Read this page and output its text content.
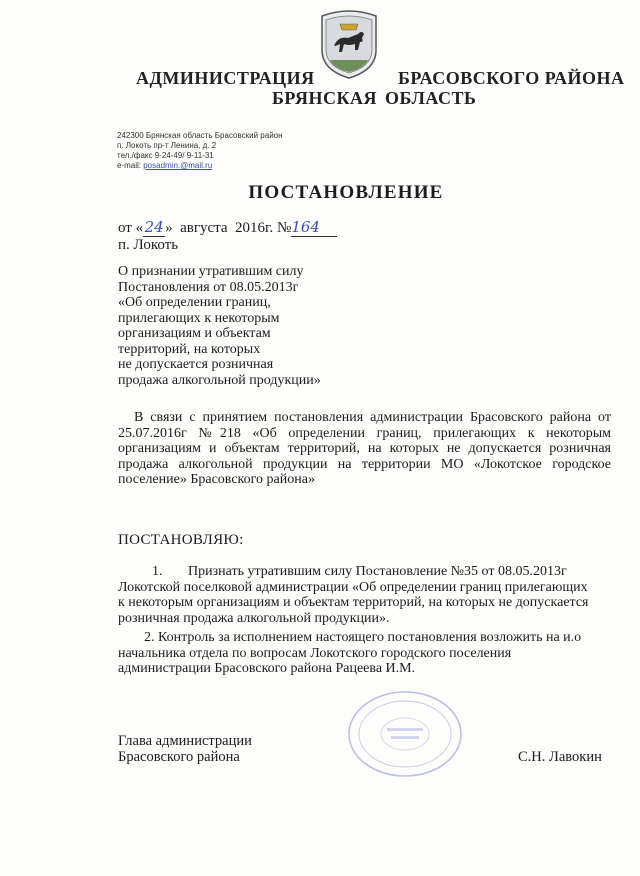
АДМИНИСТРАЦИЯ	БРАСОВСКОГО РАЙОНА
БРЯНСКАЯ ОБЛАСТЬ
242300 Брянская область Брасовский район
п. Локоть пр-т Ленина, д. 2
тел./факс 9-24-49/ 9-11-31
e-mail: posadmin.@mail.ru
ПОСТАНОВЛЕНИЕ
от «24»  августа  2016г. №164
п. Локоть
О признании утратившим силу
Постановления от 08.05.2013г
«Об определении границ,
прилегающих к некоторым
организациям и объектам
территорий, на которых
не допускается розничная
продажа алкогольной продукции»
В связи с принятием постановления администрации Брасовского района от
25.07.2016г №218 «Об определении границ, прилегающих к некоторым
организациям и объектам территорий, на которых не допускается розничная
продажа алкогольной продукции на территории МО «Локотское городское
поселение» Брасовского района»
ПОСТАНОВЛЯЮ:
1. Признать утратившим силу Постановление №35 от 08.05.2013г
Локотской поселковой администрации «Об определении границ прилегающих
к некоторым организациям и объектам территорий, на которых не допускается
розничная продажа алкогольной продукции».
2. Контроль за исполнением настоящего постановления возложить на и.о
начальника отдела по вопросам Локотского городского поселения
администрации Брасовского района Рацеева И.М.
Глава администрации
Брасовского района	С.Н. Лавокин
